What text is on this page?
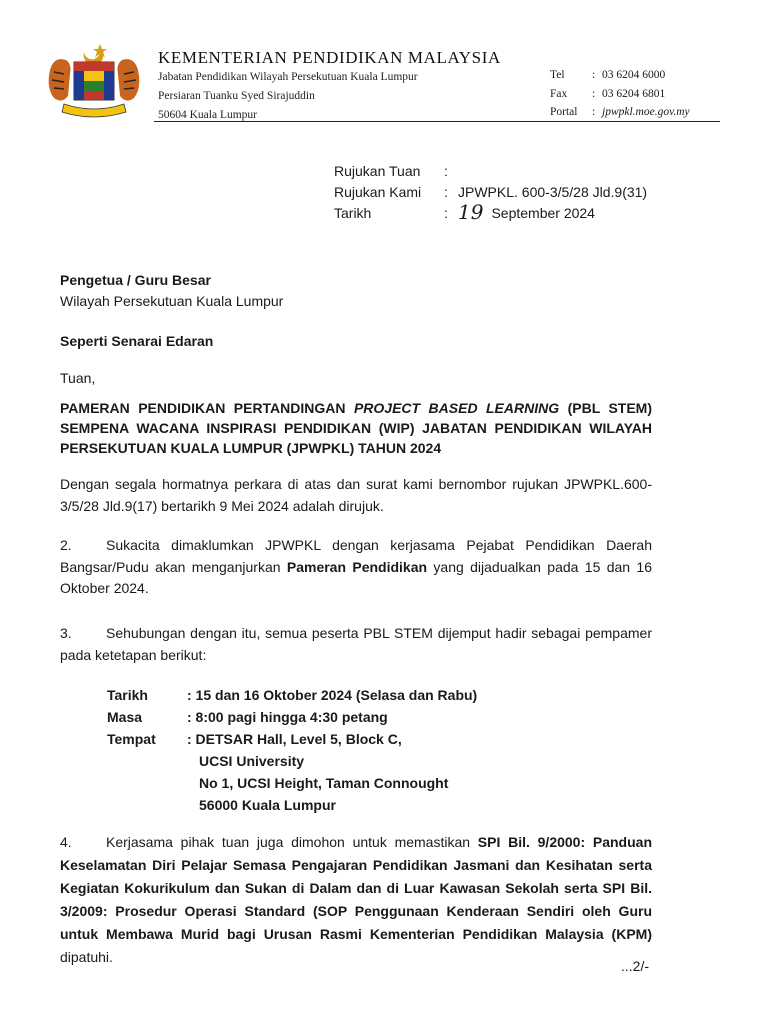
KEMENTERIAN PENDIDIKAN MALAYSIA
Jabatan Pendidikan Wilayah Persekutuan Kuala Lumpur
Persiaran Tuanku Syed Sirajuddin
50604 Kuala Lumpur
Tel	: 03 6204 6000
Fax	: 03 6204 6801
Portal	: jpwpkl.moe.gov.my
Rujukan Tuan	:
Rujukan Kami	: JPWPKL. 600-3/5/28 Jld.9(31)
Tarikh	: 19 September 2024
Pengetua / Guru Besar
Wilayah Persekutuan Kuala Lumpur
Seperti Senarai Edaran
Tuan,
PAMERAN PENDIDIKAN PERTANDINGAN PROJECT BASED LEARNING (PBL STEM) SEMPENA WACANA INSPIRASI PENDIDIKAN (WIP) JABATAN PENDIDIKAN WILAYAH PERSEKUTUAN KUALA LUMPUR (JPWPKL) TAHUN 2024
Dengan segala hormatnya perkara di atas dan surat kami bernombor rujukan JPWPKL.600-3/5/28 Jld.9(17) bertarikh 9 Mei 2024 adalah dirujuk.
2. Sukacita dimaklumkan JPWPKL dengan kerjasama Pejabat Pendidikan Daerah Bangsar/Pudu akan menganjurkan Pameran Pendidikan yang dijadualkan pada 15 dan 16 Oktober 2024.
3. Sehubungan dengan itu, semua peserta PBL STEM dijemput hadir sebagai pempamer pada ketetapan berikut:
Tarikh	: 15 dan 16 Oktober 2024 (Selasa dan Rabu)
Masa	: 8:00 pagi hingga 4:30 petang
Tempat	: DETSAR Hall, Level 5, Block C,
UCSI University
No 1, UCSI Height, Taman Connought
56000 Kuala Lumpur
4. Kerjasama pihak tuan juga dimohon untuk memastikan SPI Bil. 9/2000: Panduan Keselamatan Diri Pelajar Semasa Pengajaran Pendidikan Jasmani dan Kesihatan serta Kegiatan Kokurikulum dan Sukan di Dalam dan di Luar Kawasan Sekolah serta SPI Bil. 3/2009: Prosedur Operasi Standard (SOP Penggunaan Kenderaan Sendiri oleh Guru untuk Membawa Murid bagi Urusan Rasmi Kementerian Pendidikan Malaysia (KPM) dipatuhi.
...2/-
